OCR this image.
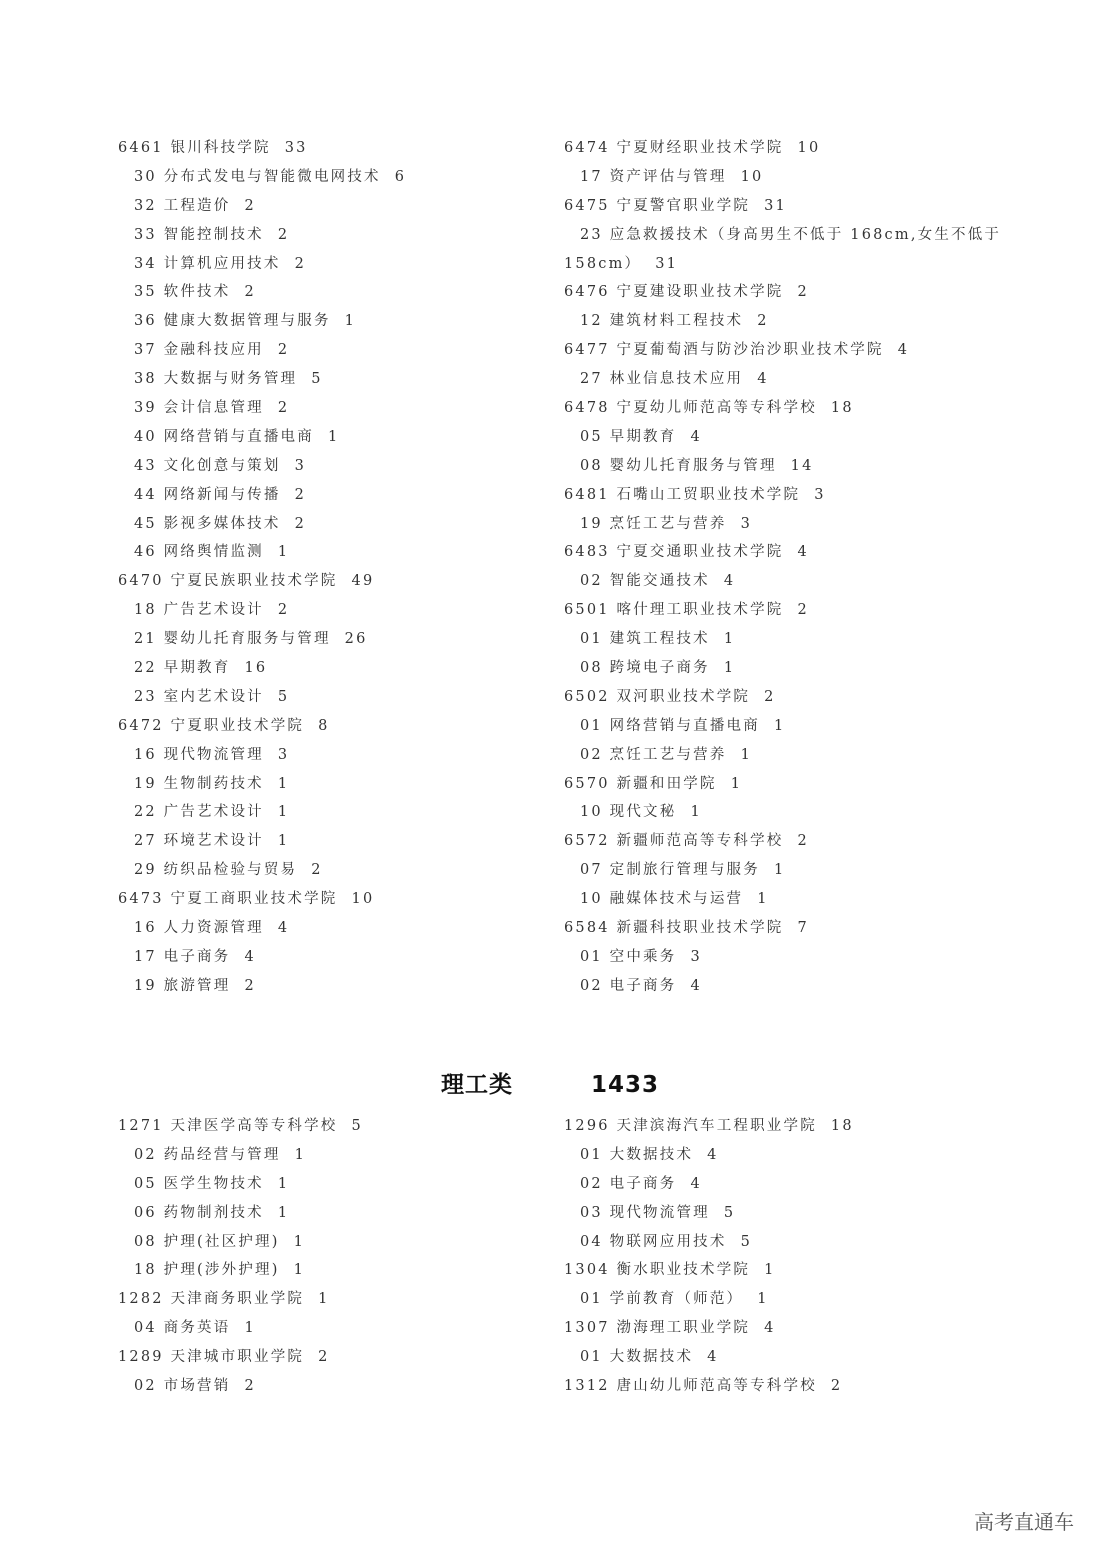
6461 银川科技学院 33
30 分布式发电与智能微电网技术 6
32 工程造价 2
33 智能控制技术 2
34 计算机应用技术 2
35 软件技术 2
36 健康大数据管理与服务 1
37 金融科技应用 2
38 大数据与财务管理 5
39 会计信息管理 2
40 网络营销与直播电商 1
43 文化创意与策划 3
44 网络新闻与传播 2
45 影视多媒体技术 2
46 网络舆情监测 1
6470 宁夏民族职业技术学院 49
18 广告艺术设计 2
21 婴幼儿托育服务与管理 26
22 早期教育 16
23 室内艺术设计 5
6472 宁夏职业技术学院 8
16 现代物流管理 3
19 生物制药技术 1
22 广告艺术设计 1
27 环境艺术设计 1
29 纺织品检验与贸易 2
6473 宁夏工商职业技术学院 10
16 人力资源管理 4
17 电子商务 4
19 旅游管理 2
6474 宁夏财经职业技术学院 10
17 资产评估与管理 10
6475 宁夏警官职业学院 31
23 应急救援技术（身高男生不低于 168cm,女生不低于
158cm） 31
6476 宁夏建设职业技术学院 2
12 建筑材料工程技术 2
6477 宁夏葡萄酒与防沙治沙职业技术学院 4
27 林业信息技术应用 4
6478 宁夏幼儿师范高等专科学校 18
05 早期教育 4
08 婴幼儿托育服务与管理 14
6481 石嘴山工贸职业技术学院 3
19 烹饪工艺与营养 3
6483 宁夏交通职业技术学院 4
02 智能交通技术 4
6501 喀什理工职业技术学院 2
01 建筑工程技术 1
08 跨境电子商务 1
6502 双河职业技术学院 2
01 网络营销与直播电商 1
02 烹饪工艺与营养 1
6570 新疆和田学院 1
10 现代文秘 1
6572 新疆师范高等专科学校 2
07 定制旅行管理与服务 1
10 融媒体技术与运营 1
6584 新疆科技职业技术学院 7
01 空中乘务 3
02 电子商务 4
理工类	1433
1271 天津医学高等专科学校 5
02 药品经营与管理 1
05 医学生物技术 1
06 药物制剂技术 1
08 护理(社区护理) 1
18 护理(涉外护理) 1
1282 天津商务职业学院 1
04 商务英语 1
1289 天津城市职业学院 2
02 市场营销 2
1296 天津滨海汽车工程职业学院 18
01 大数据技术 4
02 电子商务 4
03 现代物流管理 5
04 物联网应用技术 5
1304 衡水职业技术学院 1
01 学前教育（师范） 1
1307 渤海理工职业学院 4
01 大数据技术 4
1312 唐山幼儿师范高等专科学校 2
高考直通车
